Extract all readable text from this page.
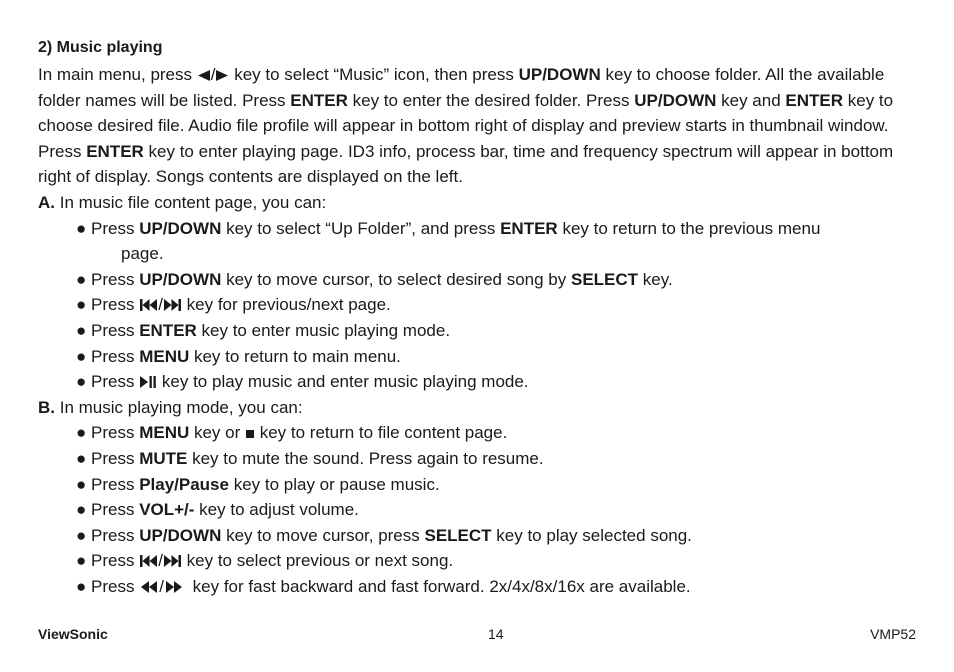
2) Music playing

In main menu, press / key to select “Music” icon, then press UP/DOWN key to choose folder. All the available folder names will be listed. Press ENTER key to enter the desired folder. Press UP/DOWN key and ENTER key to choose desired file. Audio file profile will appear in bottom right of display and preview starts in thumbnail window. Press ENTER key to enter playing page. ID3 info, process bar, time and frequency spectrum will appear in bottom right of display. Songs contents are displayed on the left.

A. In music file content page, you can:

● Press UP/DOWN key to select “Up Folder”, and press ENTER key to return to the previous menu
page.
● Press UP/DOWN key to move cursor, to select desired song by SELECT key.
● Press / key for previous/next page.
● Press ENTER key to enter music playing mode.
● Press MENU key to return to main menu.
● Press  key to play music and enter music playing mode.

B. In music playing mode, you can:

● Press MENU key or  key to return to file content page.
● Press MUTE key to mute the sound. Press again to resume.
● Press Play/Pause key to play or pause music.
● Press VOL+/- key to adjust volume.
● Press UP/DOWN key to move cursor, press SELECT key to play selected song.
● Press / key to select previous or next song.
● Press / key for fast backward and fast forward. 2x/4x/8x/16x are available.
ViewSonic	14	VMP52
